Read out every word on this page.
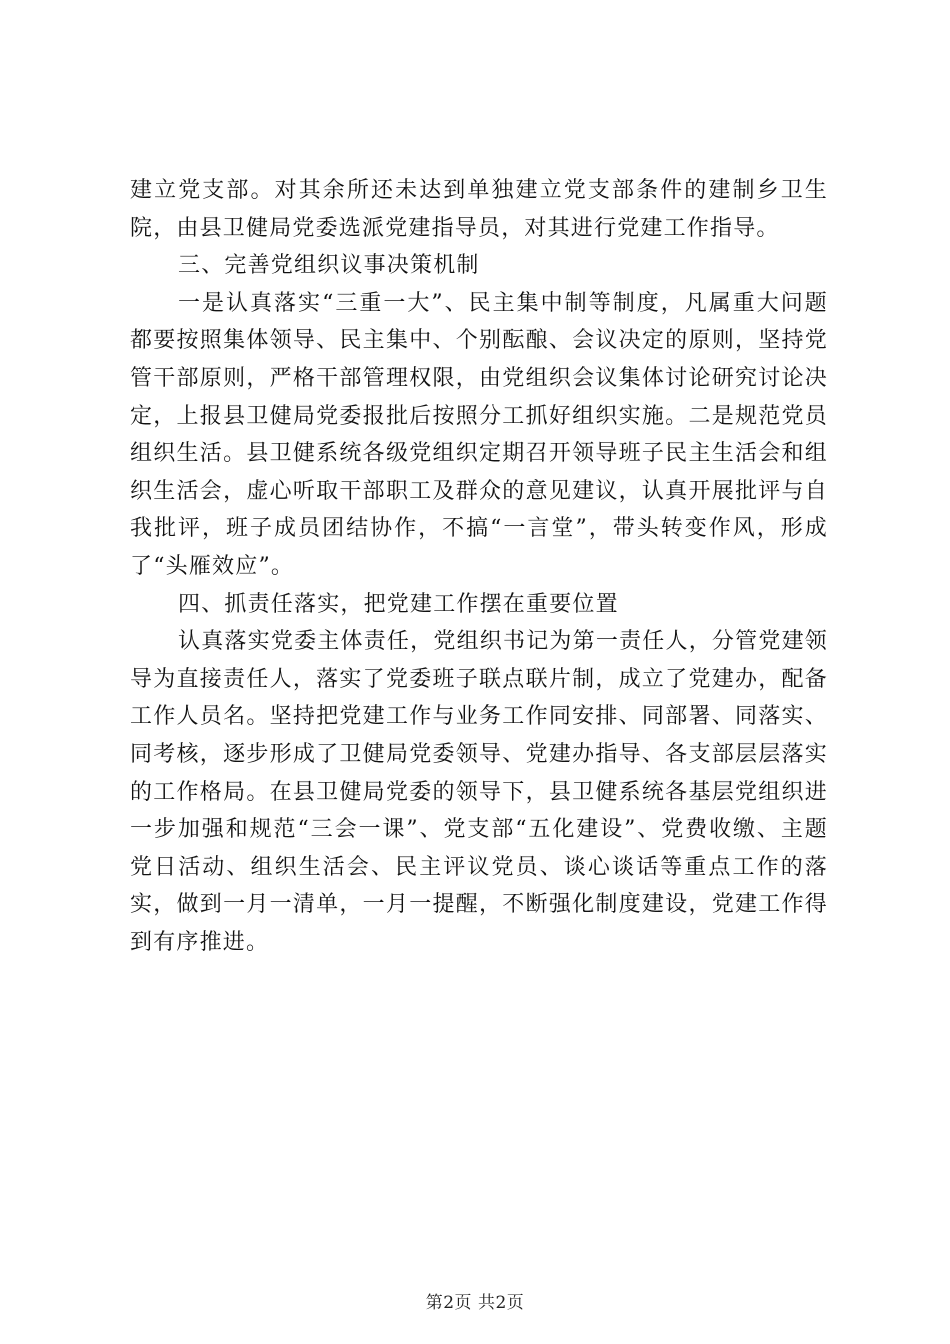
建立党支部。对其余所还未达到单独建立党支部条件的建制乡卫生院，由县卫健局党委选派党建指导员，对其进行党建工作指导。

三、完善党组织议事决策机制

一是认真落实“三重一大”、民主集中制等制度，凡属重大问题都要按照集体领导、民主集中、个别酝酿、会议决定的原则，坚持党管干部原则，严格干部管理权限，由党组织会议集体讨论研究讨论决定，上报县卫健局党委报批后按照分工抓好组织实施。二是规范党员组织生活。县卫健系统各级党组织定期召开领导班子民主生活会和组织生活会，虚心听取干部职工及群众的意见建议，认真开展批评与自我批评，班子成员团结协作，不搞“一言堂”，带头转变作风，形成了“头雁效应”。

四、抓责任落实，把党建工作摆在重要位置

认真落实党委主体责任，党组织书记为第一责任人，分管党建领导为直接责任人，落实了党委班子联点联片制，成立了党建办，配备工作人员名。坚持把党建工作与业务工作同安排、同部署、同落实、同考核，逐步形成了卫健局党委领导、党建办指导、各支部层层落实的工作格局。在县卫健局党委的领导下，县卫健系统各基层党组织进一步加强和规范“三会一课”、党支部“五化建设”、党费收缴、主题党日活动、组织生活会、民主评议党员、谈心谈话等重点工作的落实，做到一月一清单，一月一提醒，不断强化制度建设，党建工作得到有序推进。

第2页 共2页
